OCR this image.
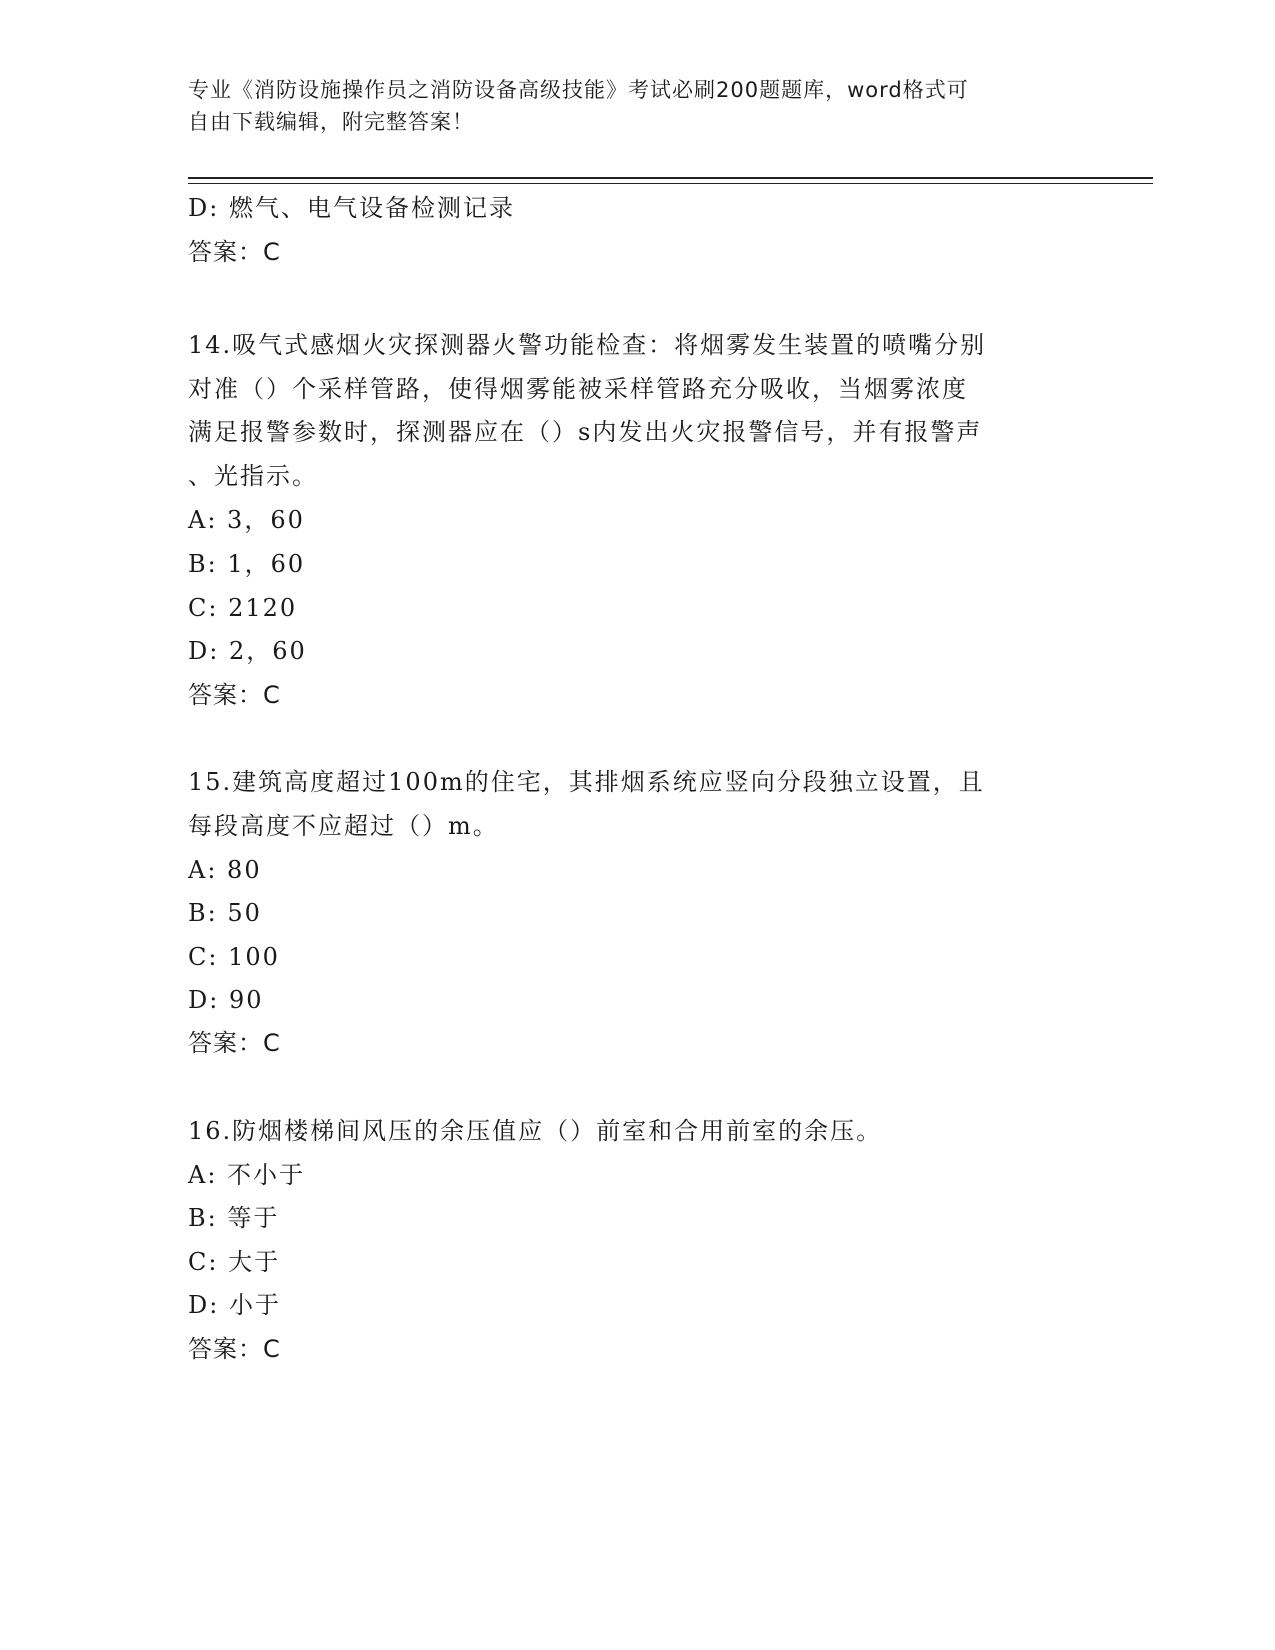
专业《消防设施操作员之消防设备高级技能》考试必刷200题题库，word格式可
自由下载编辑，附完整答案！
D: 燃气、电气设备检测记录
答案：C
14.吸气式感烟火灾探测器火警功能检查：将烟雾发生装置的喷嘴分别
对准（）个采样管路，使得烟雾能被采样管路充分吸收，当烟雾浓度
满足报警参数时，探测器应在（）s内发出火灾报警信号，并有报警声
、光指示。
A: 3，60
B: 1，60
C: 2120
D: 2，60
答案：C
15.建筑高度超过100m的住宅，其排烟系统应竖向分段独立设置，且
每段高度不应超过（）m。
A: 80
B: 50
C: 100
D: 90
答案：C
16.防烟楼梯间风压的余压值应（）前室和合用前室的余压。
A: 不小于
B: 等于
C: 大于
D: 小于
答案：C
